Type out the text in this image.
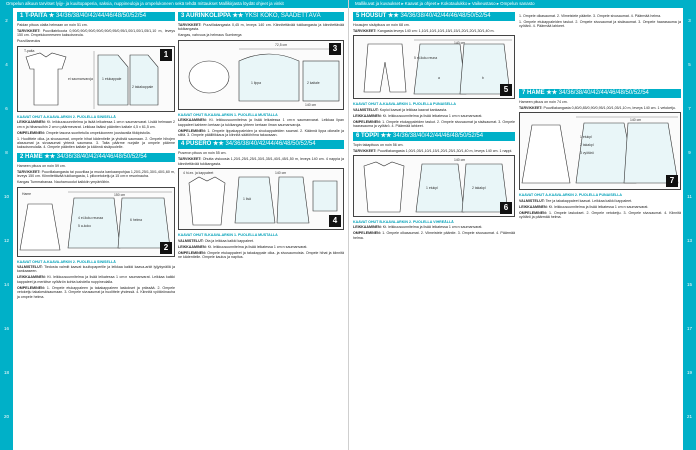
Ompelun alkuun tarvitset lyijy- ja kuultopaperia, saksia, nuppineuloja ja ompelukoneen sekä tehdä mittaukset Mallikirjasta löydät ohjeet ja vinkit
2
4
6
8
10
12
14
16
18
20
1 T-PAITA ★ 34/36/38/40/42/44/46/48/50/52/54
Paidan pituus olalta helmaan on noin 51 cm.
TARVIKKEET: Puuvillatrikoota 0,90/0,90/0,90/0,90/0,90/0,95/0,95/1,00/1,00/1,05/1,10 m, leveys 150 cm. Ompelukoneeseen kaksoisneula.
Puuvillaneulos
T-paita
ei saumanvaroja	1 etukappale
2 takakappale
1
KAAVAT OHUT A-KAAVA-ARKIN 2. PUOLELLA SINISELLÄ
LEIKKAAMINEN: Kt. leikkuusuunnitelma ja lisää leikatessa 1 cm:n saumanvarat. Lisää helmaan 2 cm:n ja hihansuihin 2 cm:n päärmevarat. Leikkaa lisäksi pääntien kaitale 4,5 x 61,5 cm.
OMPELEMINEN: Ompele tasona suoritetulla ompelukoneen joustavalla tikkipistolla.
1. Huolittele olka- ja sivusaumat, ompele hihat kädentielle ja yhdistä saumaan. 2. Ompele hihojen alasaumat ja sivusaumat yhtenä saumana. 3. Taita päärme nurjalle ja ompele päärme kaksoisneulalla. 4. Ompele pääntien kaitale ja käännä sisäpuolelle.
2 HAME ★★ 34/36/38/40/42/44/46/48/50/52/54
Hameen pituus on noin 59 cm.
TARVIKKEET: Puuvillakangasta tai puuvillaa ja muuta kankaanpohjaa 1,20/1,25/1,30/1,40/1,60 m, leveys 150 cm. Kiinnitettävää tukikangasta, 1 piilovetoketju ja 15 cm:n resorinauha.
Kangas Tummabanaa. Nauhamuodut kaikkiin ympärtöihin.
Hame
4 ei-liuku reunaa
5 a-koko
6 helma
150 cm
2
KAAVAT OHUT A-KAAVA-ARKIN 2. PUOLELLA SINISELLÄ
VALMISTELUT: Tiedosta valmiit kaavat kuultopaperille ja leikkaa kaikki kaava-arkit lyijykynällä ja kankaaseen.
LEIKKAAMINEN: Kt. leikkuusuunnitelma ja lisää leikatessa 1 cm:n saumanvarat. Leikkaa kaikki kappaleet ja merkitse vyötärön kohta kahdella nuppineulalla.
OMPELEMINEN: 1. Ompele etukappaleen ja takakappaleen laskokset ja prässää. 2. Ompele vetoketju takakeskisaumaan. 3. Ompele sivusaumat ja huolittele yhdessä. 4. Kiinnitä vyötärönauha ja ompele helma.
3 AURINKOLIPPA ★★ YKSI KOKO, SÄÄDETTÄVÄ
TARVIKKEET: Puuvillakangasta 0,45 m, leveys 140 cm. Kiinnitettävää tukikangasta ja kiinnitettävää tukikangasta.
Kangas, vahvuus ja helmaus Sumberga
72,5 cm
140 cm
1 lippa	2 kaitale
3
KAAVAT OHUT B-KAAVA-ARKIN 1. PUOLELLA MUSTALLA
LEIKKAAMINEN: Kt. leikkuusuunnitelma ja lisää leikatessa 1 cm:n saumanvarat. Leikkaa lipan kappaleet kahteen kertaan ja tukikangas yhteen kertaan ilman saumanvaroja.
OMPELEMINEN: 1. Ompele lippakappaleiden ja sivukappaleiden saumat. 2. Käännä lippa oikealle ja silitä. 3. Ompele päällitikkaus ja kiinnitä säätöhihna takaosaan.
4 PUSERO ★★ 34/36/38/40/42/44/46/48/50/52/54
Puseron pituus on noin 55 cm.
TARVIKKEET: Ohutta viskoosia 1,20/1,25/1,25/1,30/1,35/1,40/1,45/1,50 m, leveys 140 cm. 4 nappia ja kiinnitettävää tukikangasta.
4 hi-ex. ja kappaleet
1 lisä
140 cm
4
KAAVAT OHUT B-KAAVA-ARKIN 1. PUOLELLA MUSTALLA
VALMISTELUT: Ota ja leikkaa kaikki kappaleet.
LEIKKAAMINEN: Kt. leikkuusuunnitelma ja lisää leikatessa 1 cm:n saumanvarat.
OMPELEMINEN: Ompele etukappaleet ja takakappale olka- ja sivusaumoista. Ompele hihat ja kiinnitä ne kädentielle. Ompele kaulus ja napitus.
Mallikuvat ja kuvaukset ▸ Kaavat ja ohjeet ▸ Kokotaulukko ▸ Vaikeustaso ▸ Ompelun sanasto
3
5
7
9
11
13
15
17
19
21
5 HOUSUT ★★ 34/36/38/40/42/44/46/48/50/52/54
Housujen sisäpituus on noin 68 cm.
TARVIKKEET: Kangasta leveys 140 cm: 1,10/1,10/1,10/1,15/1,15/1,20/1,20/1,30/1,40 m.
5 ei-liuku reuna
140 cm
a	b
5
KAAVAT OHUT A-KAAVA-ARKIN 1. PUOLELLA PUNAISELLA
VALMISTELUT: Kopioi kaavat ja leikkaa kaavat kankaasta.
LEIKKAAMINEN: Kt. leikkuusuunnitelma ja lisää leikatessa 1 cm:n saumanvarat.
OMPELEMINEN: 1. Ompele etukappaleiden taskut. 2. Ompele sivusaumat ja sisäsaumat. 3. Ompele haarasauma ja vyötärö. 4. Päärmää lahkeet.
6 TOPPI ★★ 34/36/38/40/42/44/46/48/50/52/54
Topin takapituus on noin 56 cm.
TARVIKKEET: Puuvillakangasta 1,00/1,05/1,10/1,15/1,20/1,25/1,30/1,40 m, leveys 140 cm. 1 nappi.
1 etukpl	2 takakpl
140 cm
6
KAAVAT OHUT B-KAAVA-ARKIN 2. PUOLELLA VIHREÄLLÄ
LEIKKAAMINEN: Kt. leikkuusuunnitelma ja lisää leikatessa 1 cm:n saumanvarat.
OMPELEMINEN: 1. Ompele olkasaumat. 2. Viimeistele pääntie. 3. Ompele sivusaumat. 4. Päärmää helma.
1. Ompele olkasaumat. 2. Viimeistele pääntie. 3. Ompele sivusaumat. 4. Päärmää helma.
1. Ompele etukappaleiden taskut. 2. Ompele sivusaumat ja sisäsaumat. 3. Ompele haarasauma ja vyötärö. 4. Päärmää lahkeet.
7 HAME ★★ 34/36/38/40/42/44/46/48/50/52/54
Hameen pituus on noin 74 cm.
TARVIKKEET: Puuvillakangasta 0,80/0,85/0,90/0,95/1,00/1,05/1,10 m, leveys 140 cm. 1 vetoketju.
1 etukpl
2 takakpl
3 vyötärö
140 cm
7
KAAVAT OHUT A-KAAVA-ARKIN 2. PUOLELLA PUNAISELLA
VALMISTELUT: Tee ja takakappaleet kaavat. Leikkaa kaikki kappaleet.
LEIKKAAMINEN: Kt. leikkuusuunnitelma ja lisää leikatessa 1 cm:n saumanvarat.
OMPELEMINEN: 1. Ompele laskokset. 2. Ompele vetoketju. 3. Ompele sivusaumat. 4. Kiinnitä vyötärö ja päärmää helma.
